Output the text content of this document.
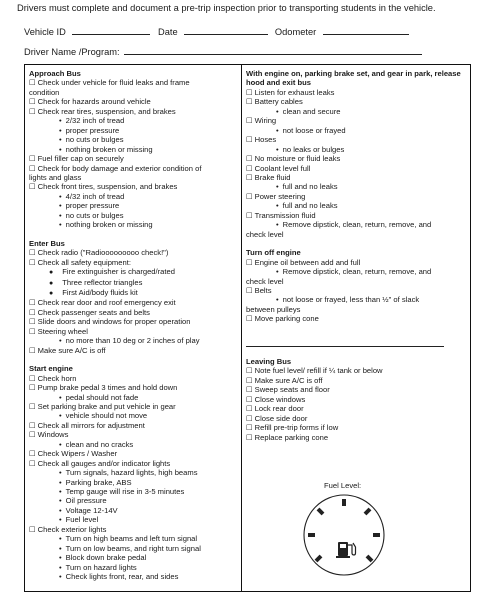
Drivers must complete and document a pre-trip inspection prior to transporting students in the vehicle.
Vehicle ID	Date	Odometer
Driver Name /Program:
Approach Bus
☐ Check under vehicle for fluid leaks and frame
condition
☐ Check for hazards around vehicle
☐ Check rear tires, suspension, and brakes
• 2/32 inch of tread
• proper pressure
• no cuts or bulges
• nothing broken or missing
☐ Fuel filler cap on securely
☐ Check for body damage and exterior condition of
lights and glass
☐ Check front tires, suspension, and brakes
• 4/32 inch of tread
• proper pressure
• no cuts or bulges
• nothing broken or missing
Enter Bus
☐ Check radio ("Radiooooooooo check!")
☐ Check all safety equipment:
● Fire extinguisher is charged/rated
● Three reflector triangles
● First Aid/body fluids kit
☐ Check rear door and roof emergency exit
☐ Check passenger seats and belts
☐ Slide doors and windows for proper operation
☐ Steering wheel
• no more than 10 deg or 2 inches of play
☐ Make sure A/C is off
Start engine
☐ Check horn
☐ Pump brake pedal 3 times and hold down
• pedal should not fade
☐ Set parking brake and put vehicle in gear
• vehicle should not move
☐ Check all mirrors for adjustment
☐ Windows
• clean and no cracks
☐ Check Wipers / Washer
☐ Check all gauges and/or indicator lights
• Turn signals, hazard lights, high beams
• Parking brake, ABS
• Temp gauge will rise in 3-5 minutes
• Oil pressure
• Voltage 12-14V
• Fuel level
☐ Check exterior lights
• Turn on high beams and left turn signal
• Turn on low beams, and right turn signal
• Block down brake pedal
• Turn on hazard lights
• Check lights front, rear, and sides
With engine on, parking brake set, and gear in park, release hood and exit bus
☐ Listen for exhaust leaks
☐ Battery cables
• clean and secure
☐ Wiring
• not loose or frayed
☐ Hoses
• no leaks or bulges
☐ No moisture or fluid leaks
☐ Coolant level full
☐ Brake fluid
• full and no leaks
☐ Power steering
• full and no leaks
☐ Transmission fluid
• Remove dipstick, clean, return, remove, and
check level
Turn off engine
☐ Engine oil between add and full
• Remove dipstick, clean, return, remove, and
check level
☐ Belts
• not loose or frayed, less than ½" of slack
between pulleys
☐ Move parking cone
Leaving Bus
☐ Note fuel level/ refill if ¼ tank or below
☐ Make sure A/C is off
☐ Sweep seats and floor
☐ Close windows
☐ Lock rear door
☐ Close side door
☐ Refill pre-trip forms if low
☐ Replace parking cone
Fuel Level:
